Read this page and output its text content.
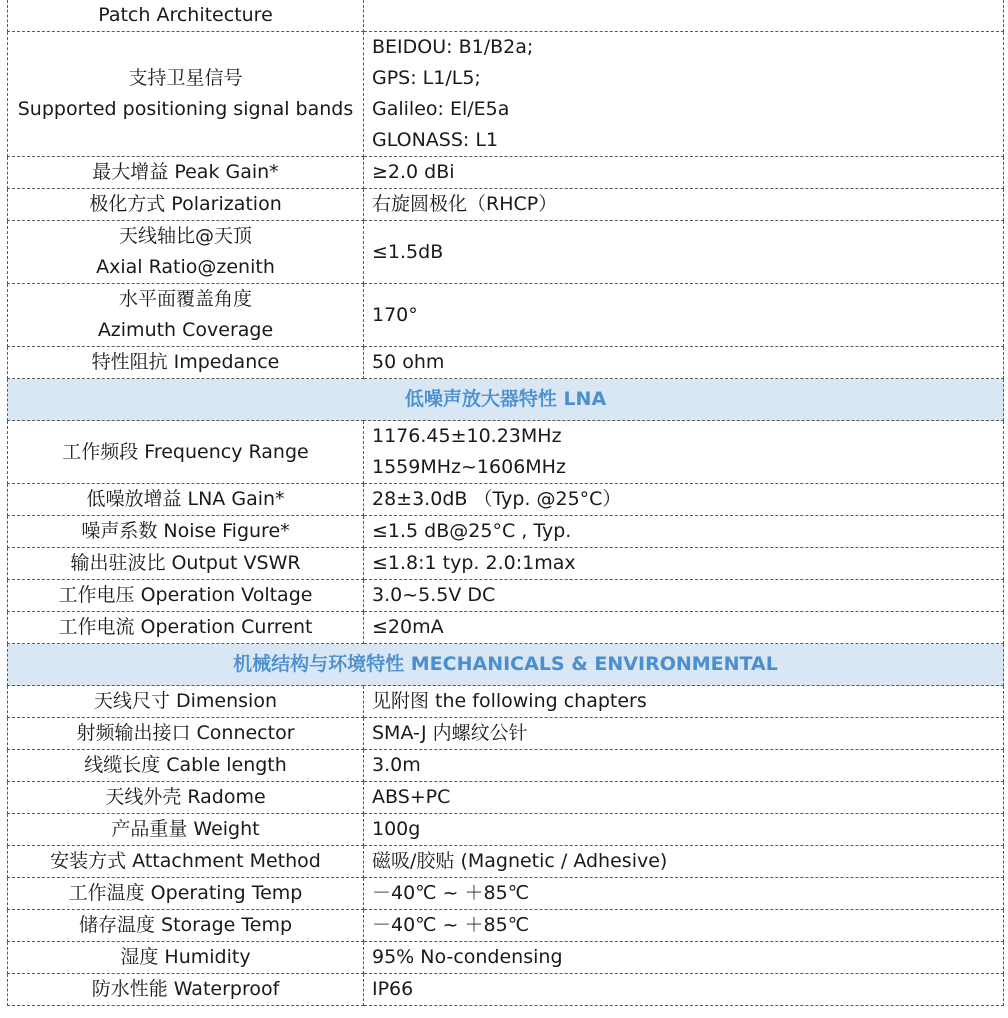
Patch Architecture	

支持卫星信号
Supported positioning signal bands	BEIDOU: B1/B2a;
GPS: L1/L5;
Galileo: El/E5a
GLONASS: L1

最大增益 Peak Gain*	≥2.0 dBi

极化方式 Polarization	右旋圆极化（RHCP）

天线轴比@天顶
Axial Ratio@zenith	≤1.5dB

水平面覆盖角度
Azimuth Coverage	170°

特性阻抗 Impedance	50 ohm

低噪声放大器特性 LNA	

工作频段 Frequency Range	1176.45±10.23MHz
1559MHz~1606MHz

低噪放增益 LNA Gain*	28±3.0dB （Typ. @25°C）

噪声系数 Noise Figure*	≤1.5 dB@25°C , Typ.

输出驻波比 Output VSWR	≤1.8:1 typ. 2.0:1max

工作电压 Operation Voltage	3.0~5.5V DC

工作电流 Operation Current	≤20mA

机械结构与环境特性 MECHANICALS & ENVIRONMENTAL	

天线尺寸 Dimension	见附图 the following chapters

射频输出接口 Connector	SMA-J 内螺纹公针

线缆长度 Cable length	3.0m

天线外壳 Radome	ABS+PC

产品重量 Weight	100g

安装方式 Attachment Method	磁吸/胶贴 (Magnetic / Adhesive)

工作温度 Operating Temp	－40℃ ~ ＋85℃

储存温度 Storage Temp	－40℃ ~ ＋85℃

湿度 Humidity	95% No-condensing

防水性能 Waterproof	IP66
